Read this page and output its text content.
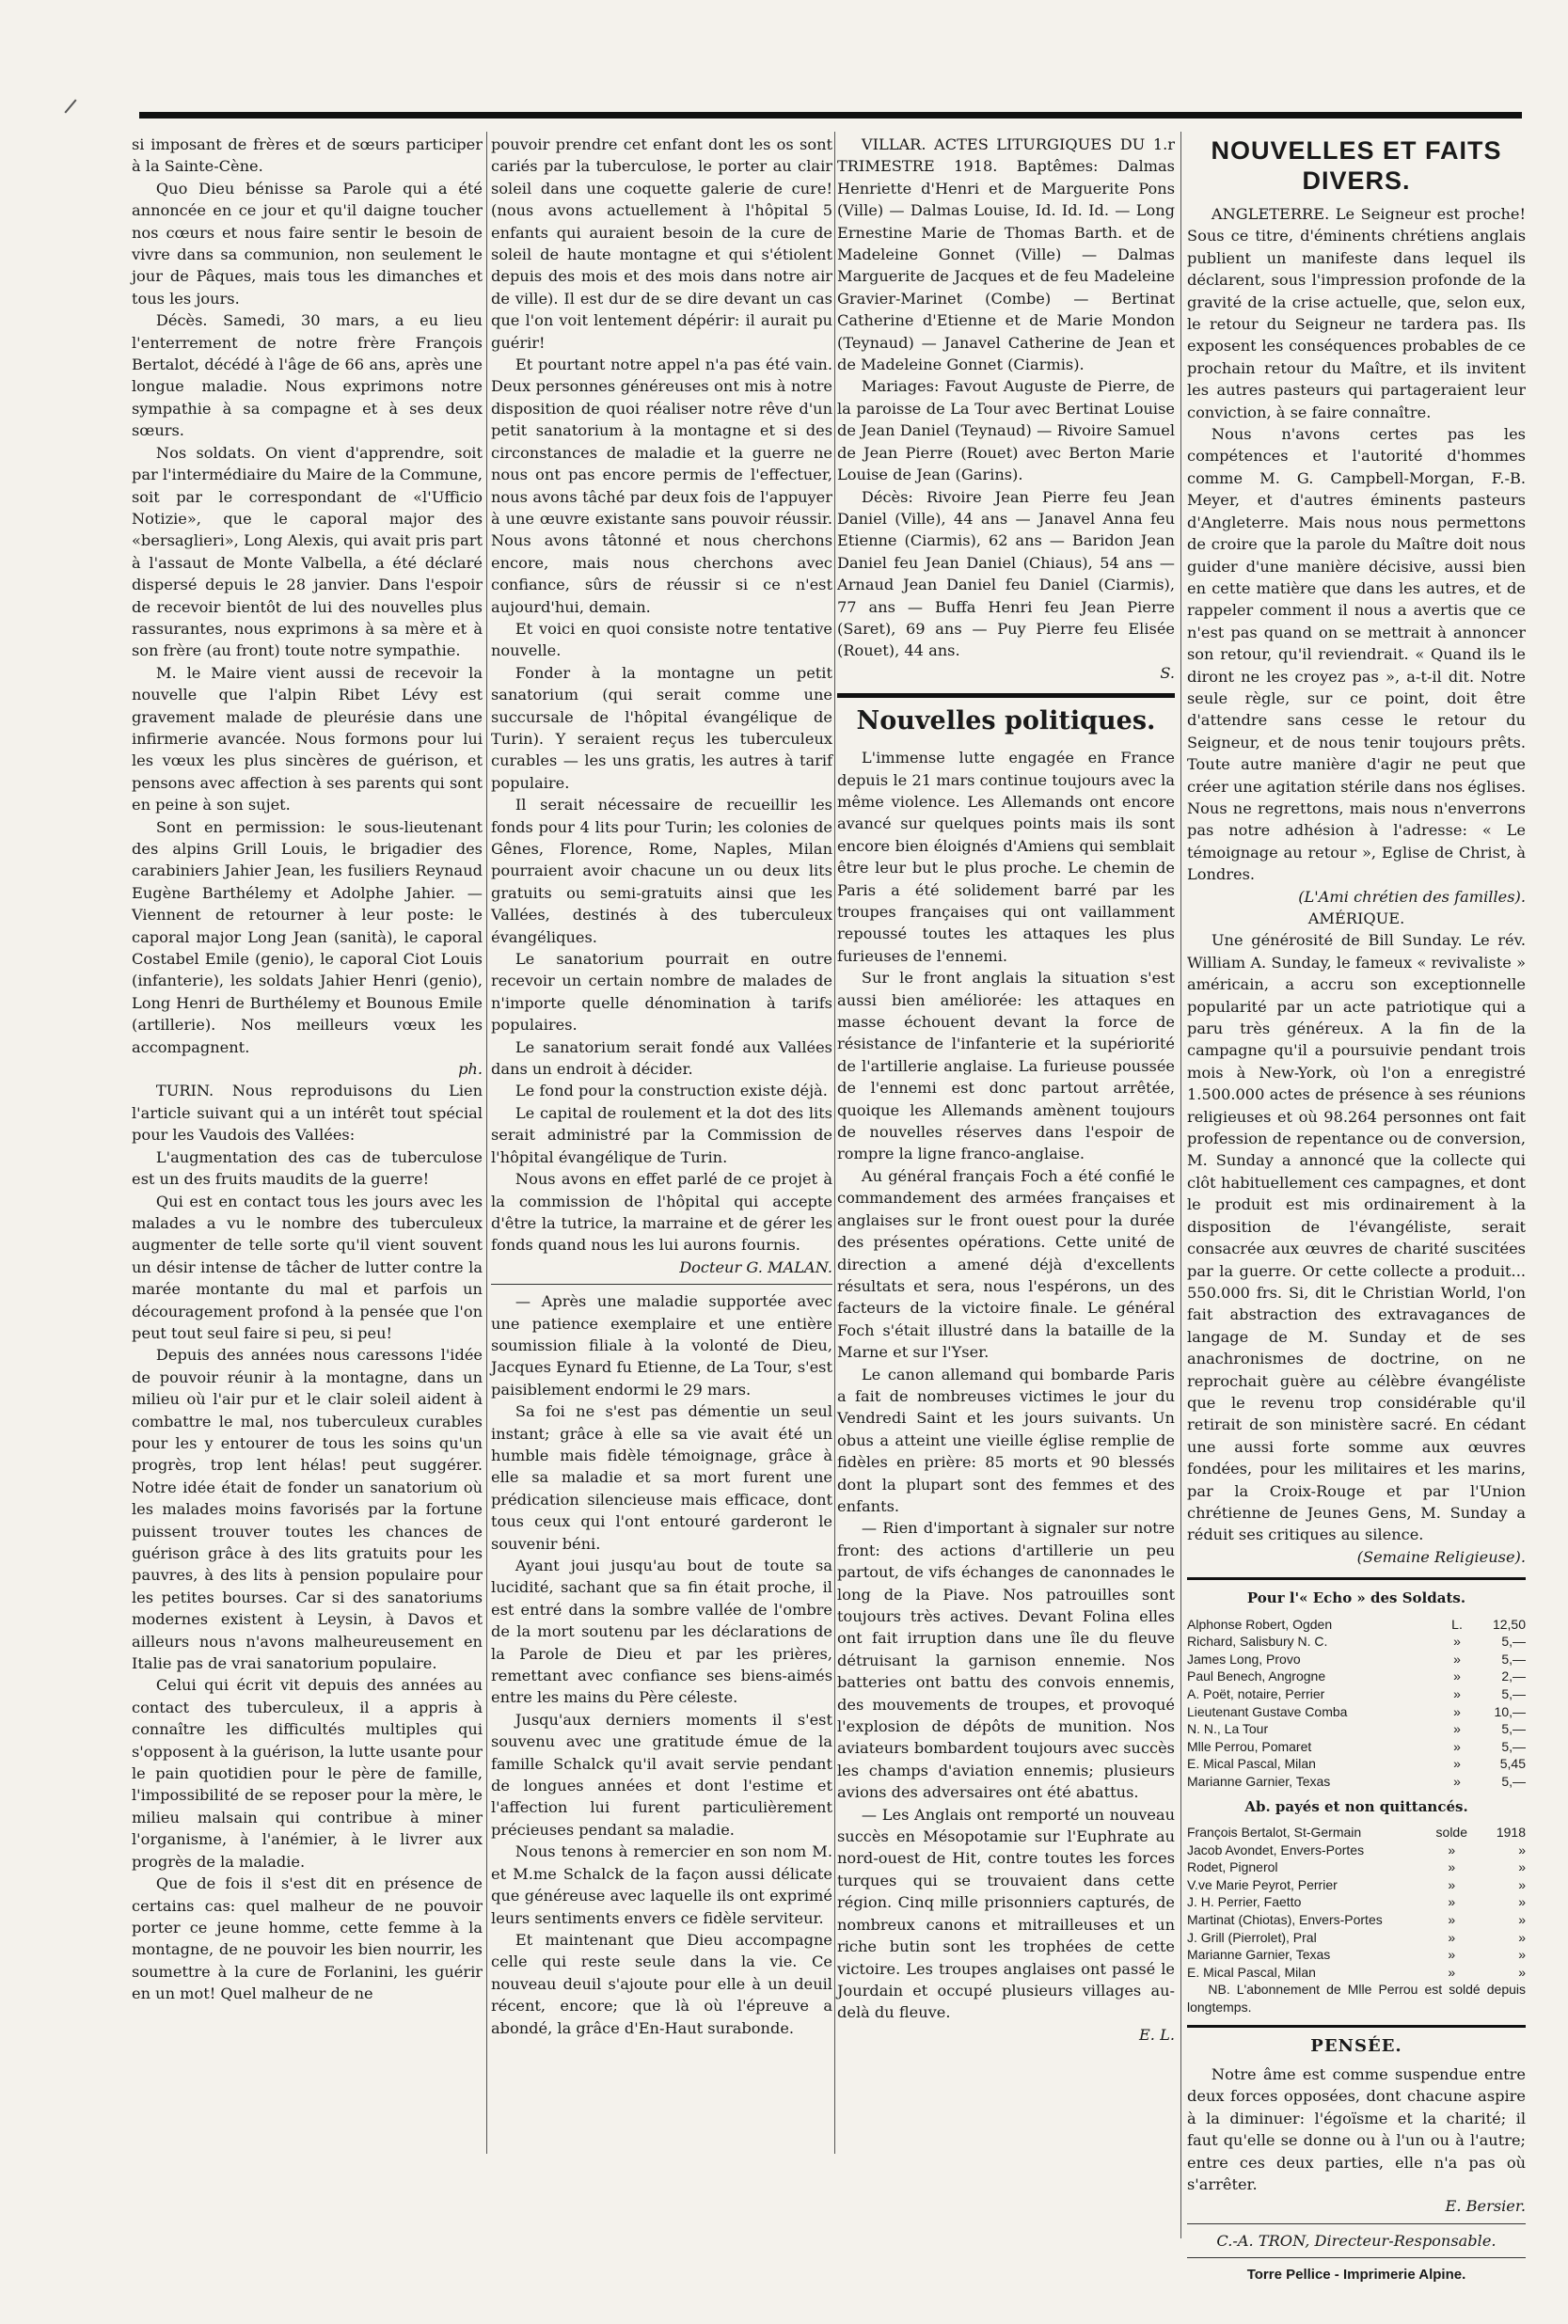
si imposant de frères et de sœurs participer à la Sainte-Cène.

Quo Dieu bénisse sa Parole qui a été annoncée en ce jour et qu'il daigne toucher nos cœurs et nous faire sentir le besoin de vivre dans sa communion, non seulement le jour de Pâques, mais tous les dimanches et tous les jours.

Décès. Samedi, 30 mars, a eu lieu l'enterrement de notre frère François Bertalot, décédé à l'âge de 66 ans, après une longue maladie. Nous exprimons notre sympathie à sa compagne et à ses deux sœurs.

Nos soldats. On vient d'apprendre, soit par l'intermédiaire du Maire de la Commune, soit par le correspondant de «l'Ufficio Notizie», que le caporal major des «bersaglieri», Long Alexis, qui avait pris part à l'assaut de Monte Valbella, a été déclaré dispersé depuis le 28 janvier. Dans l'espoir de recevoir bientôt de lui des nouvelles plus rassurantes, nous exprimons à sa mère et à son frère (au front) toute notre sympathie.

M. le Maire vient aussi de recevoir la nouvelle que l'alpin Ribet Lévy est gravement malade de pleurésie dans une infirmerie avancée. Nous formons pour lui les vœux les plus sincères de guérison, et pensons avec affection à ses parents qui sont en peine à son sujet.

Sont en permission: le sous-lieutenant des alpins Grill Louis, le brigadier des carabiniers Jahier Jean, les fusiliers Reynaud Eugène Barthélemy et Adolphe Jahier. — Viennent de retourner à leur poste: le caporal major Long Jean (sanità), le caporal Costabel Emile (genio), le caporal Ciot Louis (infanterie), les soldats Jahier Henri (genio), Long Henri de Burthélemy et Bounous Emile (artillerie). Nos meilleurs vœux les accompagnent.

ph.

TURIN. Nous reproduisons du Lien l'article suivant qui a un intérêt tout spécial pour les Vaudois des Vallées:

L'augmentation des cas de tuberculose est un des fruits maudits de la guerre!

Qui est en contact tous les jours avec les malades a vu le nombre des tuberculeux augmenter de telle sorte qu'il vient souvent un désir intense de tâcher de lutter contre la marée montante du mal et parfois un découragement profond à la pensée que l'on peut tout seul faire si peu, si peu!

Depuis des années nous caressons l'idée de pouvoir réunir à la montagne, dans un milieu où l'air pur et le clair soleil aident à combattre le mal, nos tuberculeux curables pour les y entourer de tous les soins qu'un progrès, trop lent hélas! peut suggérer. Notre idée était de fonder un sanatorium où les malades moins favorisés par la fortune puissent trouver toutes les chances de guérison grâce à des lits gratuits pour les pauvres, à des lits à pension populaire pour les petites bourses. Car si des sanatoriums modernes existent à Leysin, à Davos et ailleurs nous n'avons malheureusement en Italie pas de vrai sanatorium populaire.

Celui qui écrit vit depuis des années au contact des tuberculeux, il a appris à connaître les difficultés multiples qui s'opposent à la guérison, la lutte usante pour le pain quotidien pour le père de famille, l'impossibilité de se reposer pour la mère, le milieu malsain qui contribue à miner l'organisme, à l'anémier, à le livrer aux progrès de la maladie.

Que de fois il s'est dit en présence de certains cas: quel malheur de ne pouvoir porter ce jeune homme, cette femme à la montagne, de ne pouvoir les bien nourrir, les soumettre à la cure de Forlanini, les guérir en un mot! Quel malheur de ne

pouvoir prendre cet enfant dont les os sont cariés par la tuberculose, le porter au clair soleil dans une coquette galerie de cure! (nous avons actuellement à l'hôpital 5 enfants qui auraient besoin de la cure de soleil de haute montagne et qui s'étiolent depuis des mois et des mois dans notre air de ville). Il est dur de se dire devant un cas que l'on voit lentement dépérir: il aurait pu guérir!

Et pourtant notre appel n'a pas été vain. Deux personnes généreuses ont mis à notre disposition de quoi réaliser notre rêve d'un petit sanatorium à la montagne et si des circonstances de maladie et la guerre ne nous ont pas encore permis de l'effectuer, nous avons tâché par deux fois de l'appuyer à une œuvre existante sans pouvoir réussir. Nous avons tâtonné et nous cherchons encore, mais nous cherchons avec confiance, sûrs de réussir si ce n'est aujourd'hui, demain.

Et voici en quoi consiste notre tentative nouvelle.

Fonder à la montagne un petit sanatorium (qui serait comme une succursale de l'hôpital évangélique de Turin). Y seraient reçus les tuberculeux curables — les uns gratis, les autres à tarif populaire.

Il serait nécessaire de recueillir les fonds pour 4 lits pour Turin; les colonies de Gênes, Florence, Rome, Naples, Milan pourraient avoir chacune un ou deux lits gratuits ou semi-gratuits ainsi que les Vallées, destinés à des tuberculeux évangéliques.

Le sanatorium pourrait en outre recevoir un certain nombre de malades de n'importe quelle dénomination à tarifs populaires.

Le sanatorium serait fondé aux Vallées dans un endroit à décider.

Le fond pour la construction existe déjà.

Le capital de roulement et la dot des lits serait administré par la Commission de l'hôpital évangélique de Turin.

Nous avons en effet parlé de ce projet à la commission de l'hôpital qui accepte d'être la tutrice, la marraine et de gérer les fonds quand nous les lui aurons fournis.

Docteur G. MALAN.

— Après une maladie supportée avec une patience exemplaire et une entière soumission filiale à la volonté de Dieu, Jacques Eynard fu Etienne, de La Tour, s'est paisiblement endormi le 29 mars.

Sa foi ne s'est pas démentie un seul instant; grâce à elle sa vie avait été un humble mais fidèle témoignage, grâce à elle sa maladie et sa mort furent une prédication silencieuse mais efficace, dont tous ceux qui l'ont entouré garderont le souvenir béni.

Ayant joui jusqu'au bout de toute sa lucidité, sachant que sa fin était proche, il est entré dans la sombre vallée de l'ombre de la mort soutenu par les déclarations de la Parole de Dieu et par les prières, remettant avec confiance ses biens-aimés entre les mains du Père céleste.

Jusqu'aux derniers moments il s'est souvenu avec une gratitude émue de la famille Schalck qu'il avait servie pendant de longues années et dont l'estime et l'affection lui furent particulièrement précieuses pendant sa maladie.

Nous tenons à remercier en son nom M. et M.me Schalck de la façon aussi délicate que généreuse avec laquelle ils ont exprimé leurs sentiments envers ce fidèle serviteur.

Et maintenant que Dieu accompagne celle qui reste seule dans la vie. Ce nouveau deuil s'ajoute pour elle à un deuil récent, encore; que là où l'épreuve a abondé, la grâce d'En-Haut surabonde.

VILLAR. ACTES LITURGIQUES DU 1.r TRIMESTRE 1918. Baptêmes: Dalmas Henriette d'Henri et de Marguerite Pons (Ville) — Dalmas Louise, Id. Id. Id. — Long Ernestine Marie de Thomas Barth. et de Madeleine Gonnet (Ville) — Dalmas Marguerite de Jacques et de feu Madeleine Gravier-Marinet (Combe) — Bertinat Catherine d'Etienne et de Marie Mondon (Teynaud) — Janavel Catherine de Jean et de Madeleine Gonnet (Ciarmis).

Mariages: Favout Auguste de Pierre, de la paroisse de La Tour avec Bertinat Louise de Jean Daniel (Teynaud) — Rivoire Samuel de Jean Pierre (Rouet) avec Berton Marie Louise de Jean (Garins).

Décès: Rivoire Jean Pierre feu Jean Daniel (Ville), 44 ans — Janavel Anna feu Etienne (Ciarmis), 62 ans — Baridon Jean Daniel feu Jean Daniel (Chiaus), 54 ans — Arnaud Jean Daniel feu Daniel (Ciarmis), 77 ans — Buffa Henri feu Jean Pierre (Saret), 69 ans — Puy Pierre feu Elisée (Rouet), 44 ans.

S.

Nouvelles politiques.

L'immense lutte engagée en France depuis le 21 mars continue toujours avec la même violence. Les Allemands ont encore avancé sur quelques points mais ils sont encore bien éloignés d'Amiens qui semblait être leur but le plus proche. Le chemin de Paris a été solidement barré par les troupes françaises qui ont vaillamment repoussé toutes les attaques les plus furieuses de l'ennemi.

Sur le front anglais la situation s'est aussi bien améliorée: les attaques en masse échouent devant la force de résistance de l'infanterie et la supériorité de l'artillerie anglaise. La furieuse poussée de l'ennemi est donc partout arrêtée, quoique les Allemands amènent toujours de nouvelles réserves dans l'espoir de rompre la ligne franco-anglaise.

Au général français Foch a été confié le commandement des armées françaises et anglaises sur le front ouest pour la durée des présentes opérations. Cette unité de direction a amené déjà d'excellents résultats et sera, nous l'espérons, un des facteurs de la victoire finale. Le général Foch s'était illustré dans la bataille de la Marne et sur l'Yser.

Le canon allemand qui bombarde Paris a fait de nombreuses victimes le jour du Vendredi Saint et les jours suivants. Un obus a atteint une vieille église remplie de fidèles en prière: 85 morts et 90 blessés dont la plupart sont des femmes et des enfants.

— Rien d'important à signaler sur notre front: des actions d'artillerie un peu partout, de vifs échanges de canonnades le long de la Piave. Nos patrouilles sont toujours très actives. Devant Folina elles ont fait irruption dans une île du fleuve détruisant la garnison ennemie. Nos batteries ont battu des convois ennemis, des mouvements de troupes, et provoqué l'explosion de dépôts de munition. Nos aviateurs bombardent toujours avec succès les champs d'aviation ennemis; plusieurs avions des adversaires ont été abattus.

— Les Anglais ont remporté un nouveau succès en Mésopotamie sur l'Euphrate au nord-ouest de Hit, contre toutes les forces turques qui se trouvaient dans cette région. Cinq mille prisonniers capturés, de nombreux canons et mitrailleuses et un riche butin sont les trophées de cette victoire. Les troupes anglaises ont passé le Jourdain et occupé plusieurs villages au-delà du fleuve.

E. L.

NOUVELLES ET FAITS DIVERS.

ANGLETERRE. Le Seigneur est proche! Sous ce titre, d'éminents chrétiens anglais publient un manifeste dans lequel ils déclarent, sous l'impression profonde de la gravité de la crise actuelle, que, selon eux, le retour du Seigneur ne tardera pas. Ils exposent les conséquences probables de ce prochain retour du Maître, et ils invitent les autres pasteurs qui partageraient leur conviction, à se faire connaître.

Nous n'avons certes pas les compétences et l'autorité d'hommes comme M. G. Campbell-Morgan, F.-B. Meyer, et d'autres éminents pasteurs d'Angleterre. Mais nous nous permettons de croire que la parole du Maître doit nous guider d'une manière décisive, aussi bien en cette matière que dans les autres, et de rappeler comment il nous a avertis que ce n'est pas quand on se mettrait à annoncer son retour, qu'il reviendrait. « Quand ils le diront ne les croyez pas », a-t-il dit. Notre seule règle, sur ce point, doit être d'attendre sans cesse le retour du Seigneur, et de nous tenir toujours prêts. Toute autre manière d'agir ne peut que créer une agitation stérile dans nos églises. Nous ne regrettons, mais nous n'enverrons pas notre adhésion à l'adresse: « Le témoignage au retour », Eglise de Christ, à Londres.

(L'Ami chrétien des familles).

AMÉRIQUE.

Une générosité de Bill Sunday. Le rév. William A. Sunday, le fameux « revivaliste » américain, a accru son exceptionnelle popularité par un acte patriotique qui a paru très généreux. A la fin de la campagne qu'il a poursuivie pendant trois mois à New-York, où l'on a enregistré 1.500.000 actes de présence à ses réunions religieuses et où 98.264 personnes ont fait profession de repentance ou de conversion, M. Sunday a annoncé que la collecte qui clôt habituellement ces campagnes, et dont le produit est mis ordinairement à la disposition de l'évangéliste, serait consacrée aux œuvres de charité suscitées par la guerre. Or cette collecte a produit... 550.000 frs. Si, dit le Christian World, l'on fait abstraction des extravagances de langage de M. Sunday et de ses anachronismes de doctrine, on ne reprochait guère au célèbre évangéliste que le revenu trop considérable qu'il retirait de son ministère sacré. En cédant une aussi forte somme aux œuvres fondées, pour les militaires et les marins, par la Croix-Rouge et par l'Union chrétienne de Jeunes Gens, M. Sunday a réduit ses critiques au silence.

(Semaine Religieuse).

Pour l'« Echo » des Soldats.
Alphonse Robert, Ogden	L.	12,50
Richard, Salisbury N. C.	»	5,—
James Long, Provo	»	5,—
Paul Benech, Angrogne	»	2,—
A. Poët, notaire, Perrier	»	5,—
Lieutenant Gustave Comba	»	10,—
N. N., La Tour	»	5,—
Mlle Perrou, Pomaret	»	5,—
E. Mical Pascal, Milan	»	5,45
Marianne Garnier, Texas	»	5,—
Ab. payés et non quittancés.
François Bertalot, St-Germain	solde	1918
Jacob Avondet, Envers-Portes	»	»
Rodet, Pignerol	»	»
V.ve Marie Peyrot, Perrier	»	»
J. H. Perrier, Faetto	»	»
Martinat (Chiotas), Envers-Portes	»	»
J. Grill (Pierrolet), Pral	»	»
Marianne Garnier, Texas	»	»
E. Mical Pascal, Milan	»	»

NB. L'abonnement de Mlle Perrou est soldé depuis longtemps.

PENSÉE.

Notre âme est comme suspendue entre deux forces opposées, dont chacune aspire à la diminuer: l'égoïsme et la charité; il faut qu'elle se donne ou à l'un ou à l'autre; entre ces deux parties, elle n'a pas où s'arrêter.

E. Bersier.

C.-A. TRON, Directeur-Responsable.

Torre Pellice - Imprimerie Alpine.
